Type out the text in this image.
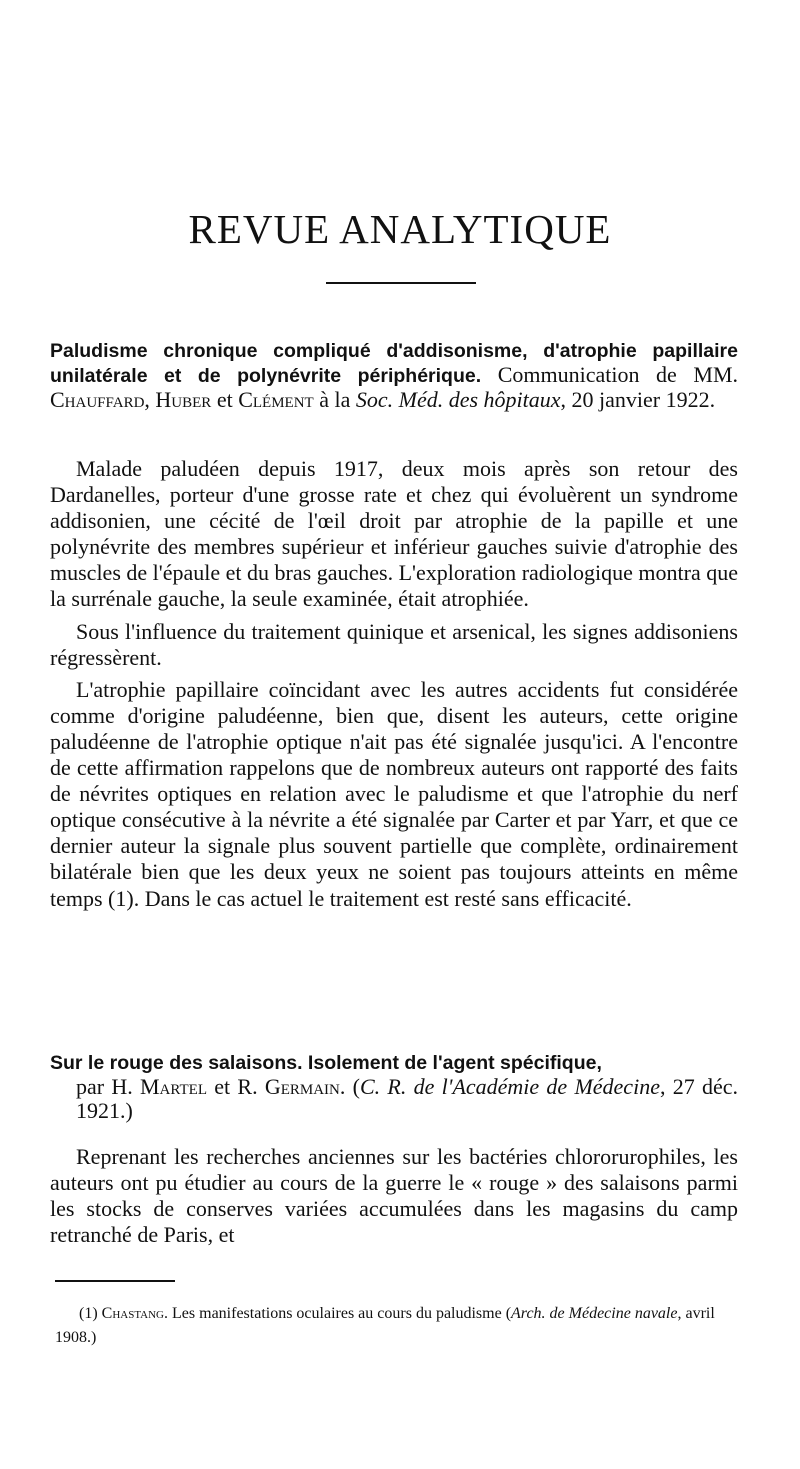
REVUE ANALYTIQUE
Paludisme chronique compliqué d'addisonisme, d'atrophie papillaire unilatérale et de polynévrite périphérique. Communication de MM. Chauffard, Huber et Clément à la Soc. Méd. des hôpitaux, 20 janvier 1922.

Malade paludéen depuis 1917, deux mois après son retour des Dardanelles, porteur d'une grosse rate et chez qui évoluèrent un syndrome addisonien, une cécité de l'œil droit par atrophie de la papille et une polynévrite des membres supérieur et inférieur gauches suivie d'atrophie des muscles de l'épaule et du bras gauches. L'exploration radiologique montra que la surrénale gauche, la seule examinée, était atrophiée.

Sous l'influence du traitement quinique et arsenical, les signes addisoniens régressèrent.

L'atrophie papillaire coïncidant avec les autres accidents fut considérée comme d'origine paludéenne, bien que, disent les auteurs, cette origine paludéenne de l'atrophie optique n'ait pas été signalée jusqu'ici. A l'encontre de cette affirmation rappelons que de nombreux auteurs ont rapporté des faits de névrites optiques en relation avec le paludisme et que l'atrophie du nerf optique consécutive à la névrite a été signalée par Carter et par Yarr, et que ce dernier auteur la signale plus souvent partielle que complète, ordinairement bilatérale bien que les deux yeux ne soient pas toujours atteints en même temps (1). Dans le cas actuel le traitement est resté sans efficacité.

Sur le rouge des salaisons. Isolement de l'agent spécifique,
par H. Martel et R. Germain. (C. R. de l'Académie de Médecine, 27 déc. 1921.)

Reprenant les recherches anciennes sur les bactéries chlororurophiles, les auteurs ont pu étudier au cours de la guerre le « rouge » des salaisons parmi les stocks de conserves variées accumulées dans les magasins du camp retranché de Paris, et

(1) Chastang. Les manifestations oculaires au cours du paludisme (Arch. de Médecine navale, avril 1908.)
